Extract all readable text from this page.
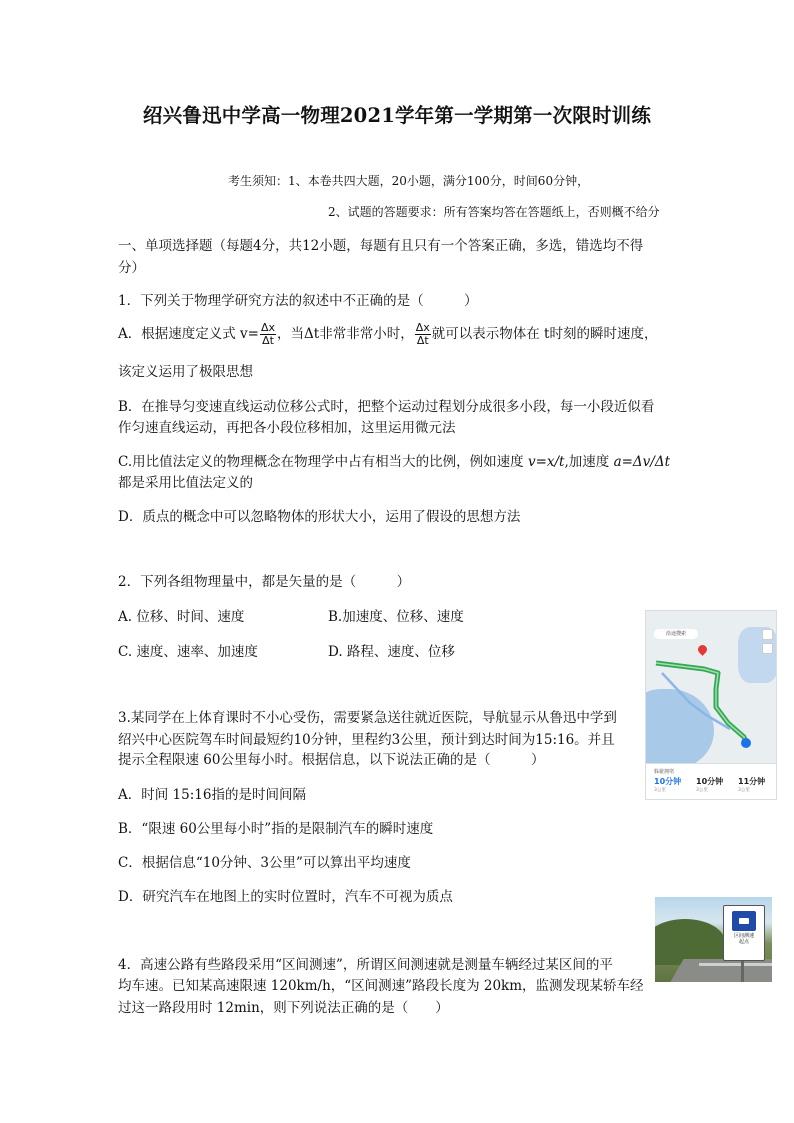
绍兴鲁迅中学高一物理2021学年第一学期第一次限时训练
考生须知：1、本卷共四大题，20小题，满分100分，时间60分钟，
2、试题的答题要求：所有答案均答在答题纸上，否则概不给分
一、单项选择题（每题4分，共12小题，每题有且只有一个答案正确，多选，错选均不得
分）
1．下列关于物理学研究方法的叙述中不正确的是（　　　）
A．根据速度定义式 $v= \frac{\Delta x}{\Delta t}$ ，当Δt非常非常小时， $\frac{\Delta x}{\Delta t}$ 就可以表示物体在 t时刻的瞬时速度，
该定义运用了极限思想
B．在推导匀变速直线运动位移公式时，把整个运动过程划分成很多小段，每一小段近似看
作匀速直线运动，再把各小段位移相加，这里运用微元法
C.用比值法定义的物理概念在物理学中占有相当大的比例，例如速度 v=x/t,加速度 a=Δv/Δt
都是采用比值法定义的
D．质点的概念中可以忽略物体的形状大小，运用了假设的思想方法
2．下列各组物理量中，都是矢量的是（　　　）
A. 位移、时间、速度	B.加速度、位移、速度
C. 速度、速率、加速度	D. 路程、速度、位移
沿途搜索
躲避拥堵
10分钟
3公里
10分钟
3公里
11分钟
3公里
3.某同学在上体育课时不小心受伤，需要紧急送往就近医院，导航显示从鲁迅中学到
绍兴中心医院驾车时间最短约10分钟，里程约3公里，预计到达时间为15:16。并且
提示全程限速 60公里每小时。根据信息，以下说法正确的是（　　　）
A．时间 15:16指的是时间间隔
B．“限速 60公里每小时”指的是限制汽车的瞬时速度
C．根据信息“10分钟、3公里”可以算出平均速度
D．研究汽车在地图上的实时位置时，汽车不可视为质点
区间测速
起点
4．高速公路有些路段采用“区间测速”，所谓区间测速就是测量车辆经过某区间的平
均车速。已知某高速限速 120km/h，“区间测速”路段长度为 20km，监测发现某轿车经
过这一路段用时 12min，则下列说法正确的是（　　）
